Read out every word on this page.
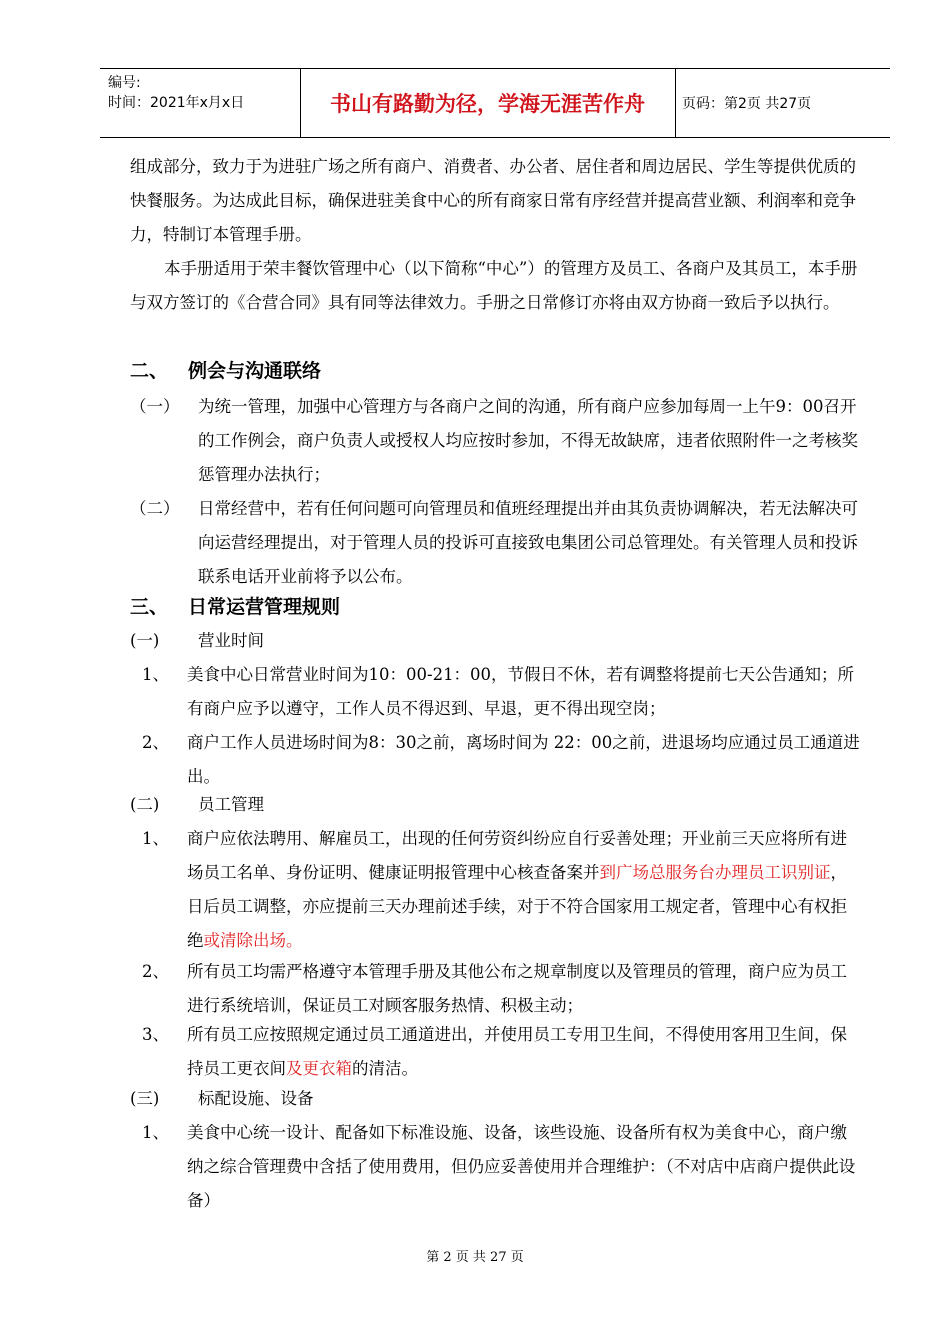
编号:
时间：2021年x月x日	书山有路勤为径，学海无涯苦作舟	页码：第2页 共27页

组成部分，致力于为进驻广场之所有商户、消费者、办公者、居住者和周边居民、学生等提供优质的快餐服务。为达成此目标，确保进驻美食中心的所有商家日常有序经营并提高营业额、利润率和竞争力，特制订本管理手册。

本手册适用于荣丰餐饮管理中心（以下简称“中心”）的管理方及员工、各商户及其员工，本手册与双方签订的《合营合同》具有同等法律效力。手册之日常修订亦将由双方协商一致后予以执行。

二、 例会与沟通联络
（一） 为统一管理，加强中心管理方与各商户之间的沟通，所有商户应参加每周一上午9：00召开的工作例会，商户负责人或授权人均应按时参加，不得无故缺席，违者依照附件一之考核奖惩管理办法执行；
（二） 日常经营中，若有任何问题可向管理员和值班经理提出并由其负责协调解决，若无法解决可向运营经理提出，对于管理人员的投诉可直接致电集团公司总管理处。有关管理人员和投诉联系电话开业前将予以公布。
三、 日常运营管理规则
(一) 营业时间
1、 美食中心日常营业时间为10：00-21：00，节假日不休，若有调整将提前七天公告通知；所有商户应予以遵守，工作人员不得迟到、早退，更不得出现空岗；
2、 商户工作人员进场时间为8：30之前，离场时间为 22：00之前，进退场均应通过员工通道进出。
(二) 员工管理
1、 商户应依法聘用、解雇员工，出现的任何劳资纠纷应自行妥善处理；开业前三天应将所有进场员工名单、身份证明、健康证明报管理中心核查备案并到广场总服务台办理员工识别证，日后员工调整，亦应提前三天办理前述手续，对于不符合国家用工规定者，管理中心有权拒绝或清除出场。
2、 所有员工均需严格遵守本管理手册及其他公布之规章制度以及管理员的管理，商户应为员工进行系统培训，保证员工对顾客服务热情、积极主动；
3、 所有员工应按照规定通过员工通道进出，并使用员工专用卫生间，不得使用客用卫生间，保持员工更衣间及更衣箱的清洁。
(三) 标配设施、设备
1、 美食中心统一设计、配备如下标准设施、设备，该些设施、设备所有权为美食中心，商户缴纳之综合管理费中含括了使用费用，但仍应妥善使用并合理维护：（不对店中店商户提供此设备）
第 2 页 共 27 页
